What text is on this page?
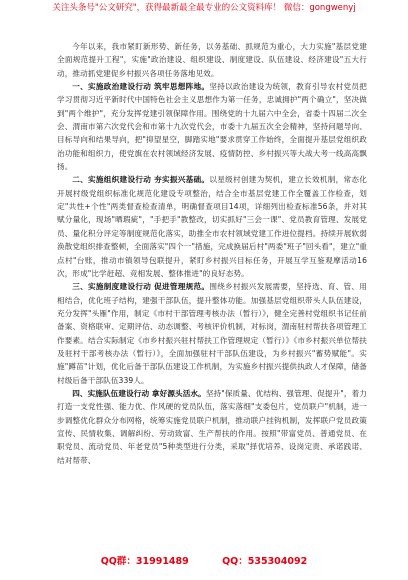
关注头条号"公文研究"，获得最新最全最专业的公文资料库！ 微信：gongwenyj

今年以来，我市紧盯新形势、新任务，以务基础、抓规范为重心，大力实施"基层党建全面规范提升工程"，实施"政治建设、组织建设、制度建设、队伍建设、经济建设"五大行动，推动抓党建促乡村振兴各项任务落地见效。

一、实施政治建设行动 筑牢思想阵地。坚持以政治建设为统领，教育引导农村党员把学习贯彻习近平新时代中国特色社会主义思想作为第一任务，忠诚拥护"两个确立"，坚决做到"两个维护"，充分发挥党建引领保障作用。围绕党的十九届六中全会，省委十四届二次全会、渭南市第六次党代会和市第十九次党代会，市委十九届五次全会精神，坚持问题导向、目标导向和结果导向，把"抑望星空，脚踏实地"要求贯穿工作始终，全面提升基层党组织政治功能和组织力，使党旗在农村领域经济发展、疫情防控、乡村振兴等大战大考一线高高飘扬。

二、实施组织建设行动 夯实振兴基础。以星级村创建为契机，建立长效机制，常态化开展村级党组织标准化规范化建设专项整治，结合全市基层党建工作全覆盖工作检查，划定"共性+个性"两类督查检查清单，明确督查项目14项，详细列出检查标准56条，并对其赋分量化，现场"晒瑕疵"，"手把手"教整改，切实抓好"三会一课"、党员教育管理、发展党员、量化积分评定等制度规范化落实，助推全市农村领域党建工作进位提档。持续开展软弱涣散党组织排查整顿，全面落实"四个一"措施，完成换届后村"两委"班子"回头看"，建立"重点村"台账，推动市镇领导包联提升，紧盯乡村振兴目标任务，开展互学互鉴观摩活动16次，形成"比学赶超、竞相发展、整体推进"的良好态势。

三、实施制度建设行动 促进管理规范。围绕乡村振兴发展需要，坚持选、育、管、用相结合，优化班子结构，建强干部队伍，提升整体功能。加强基层党组织带头人队伍建设，充分发挥"头雁"作用，制定《市村干部管理考核办法（暂行）》，健全完善村党组织书记任前备案、资格联审、定期评估、动态调整、考核评价机制，对标岗，渭南驻村帮扶各项管理工作要素。结合实际制定《市乡村振兴驻村帮扶工作管理规定（暂行）》《市乡村振兴单位帮扶及驻村干部考核办法（暂行）》，全面加强驻村干部队伍建设，为乡村振兴"蓄势赋能"。实施"蹲苗"计划，优化后备干部队伍建设工作机制，为实施乡村振兴提供执政人才保障，储备村级后备干部队伍339人。

四、实施队伍建设行动 拿好源头活水。坚持"保质量、优结构、强管理、促提升"，着力打造一支党性强、能力优、作风硬的党员队伍，落实落细"支委包片，党员联户"机制，进一步调整优化群众分布网格，统筹实施党员联户机制，推动联户挂钩机制，发挥联户党员政策宣传、民情收集、调解纠纷、劳动致富、生产帮扶的作用。按照"带富党员、普通党员、在职党员、流动党员、年老党员"5种类型进行分类，采取"择优培养、设岗定责、承诺践诺、结对帮带、

QQ群：31991489	QQ：535304092
